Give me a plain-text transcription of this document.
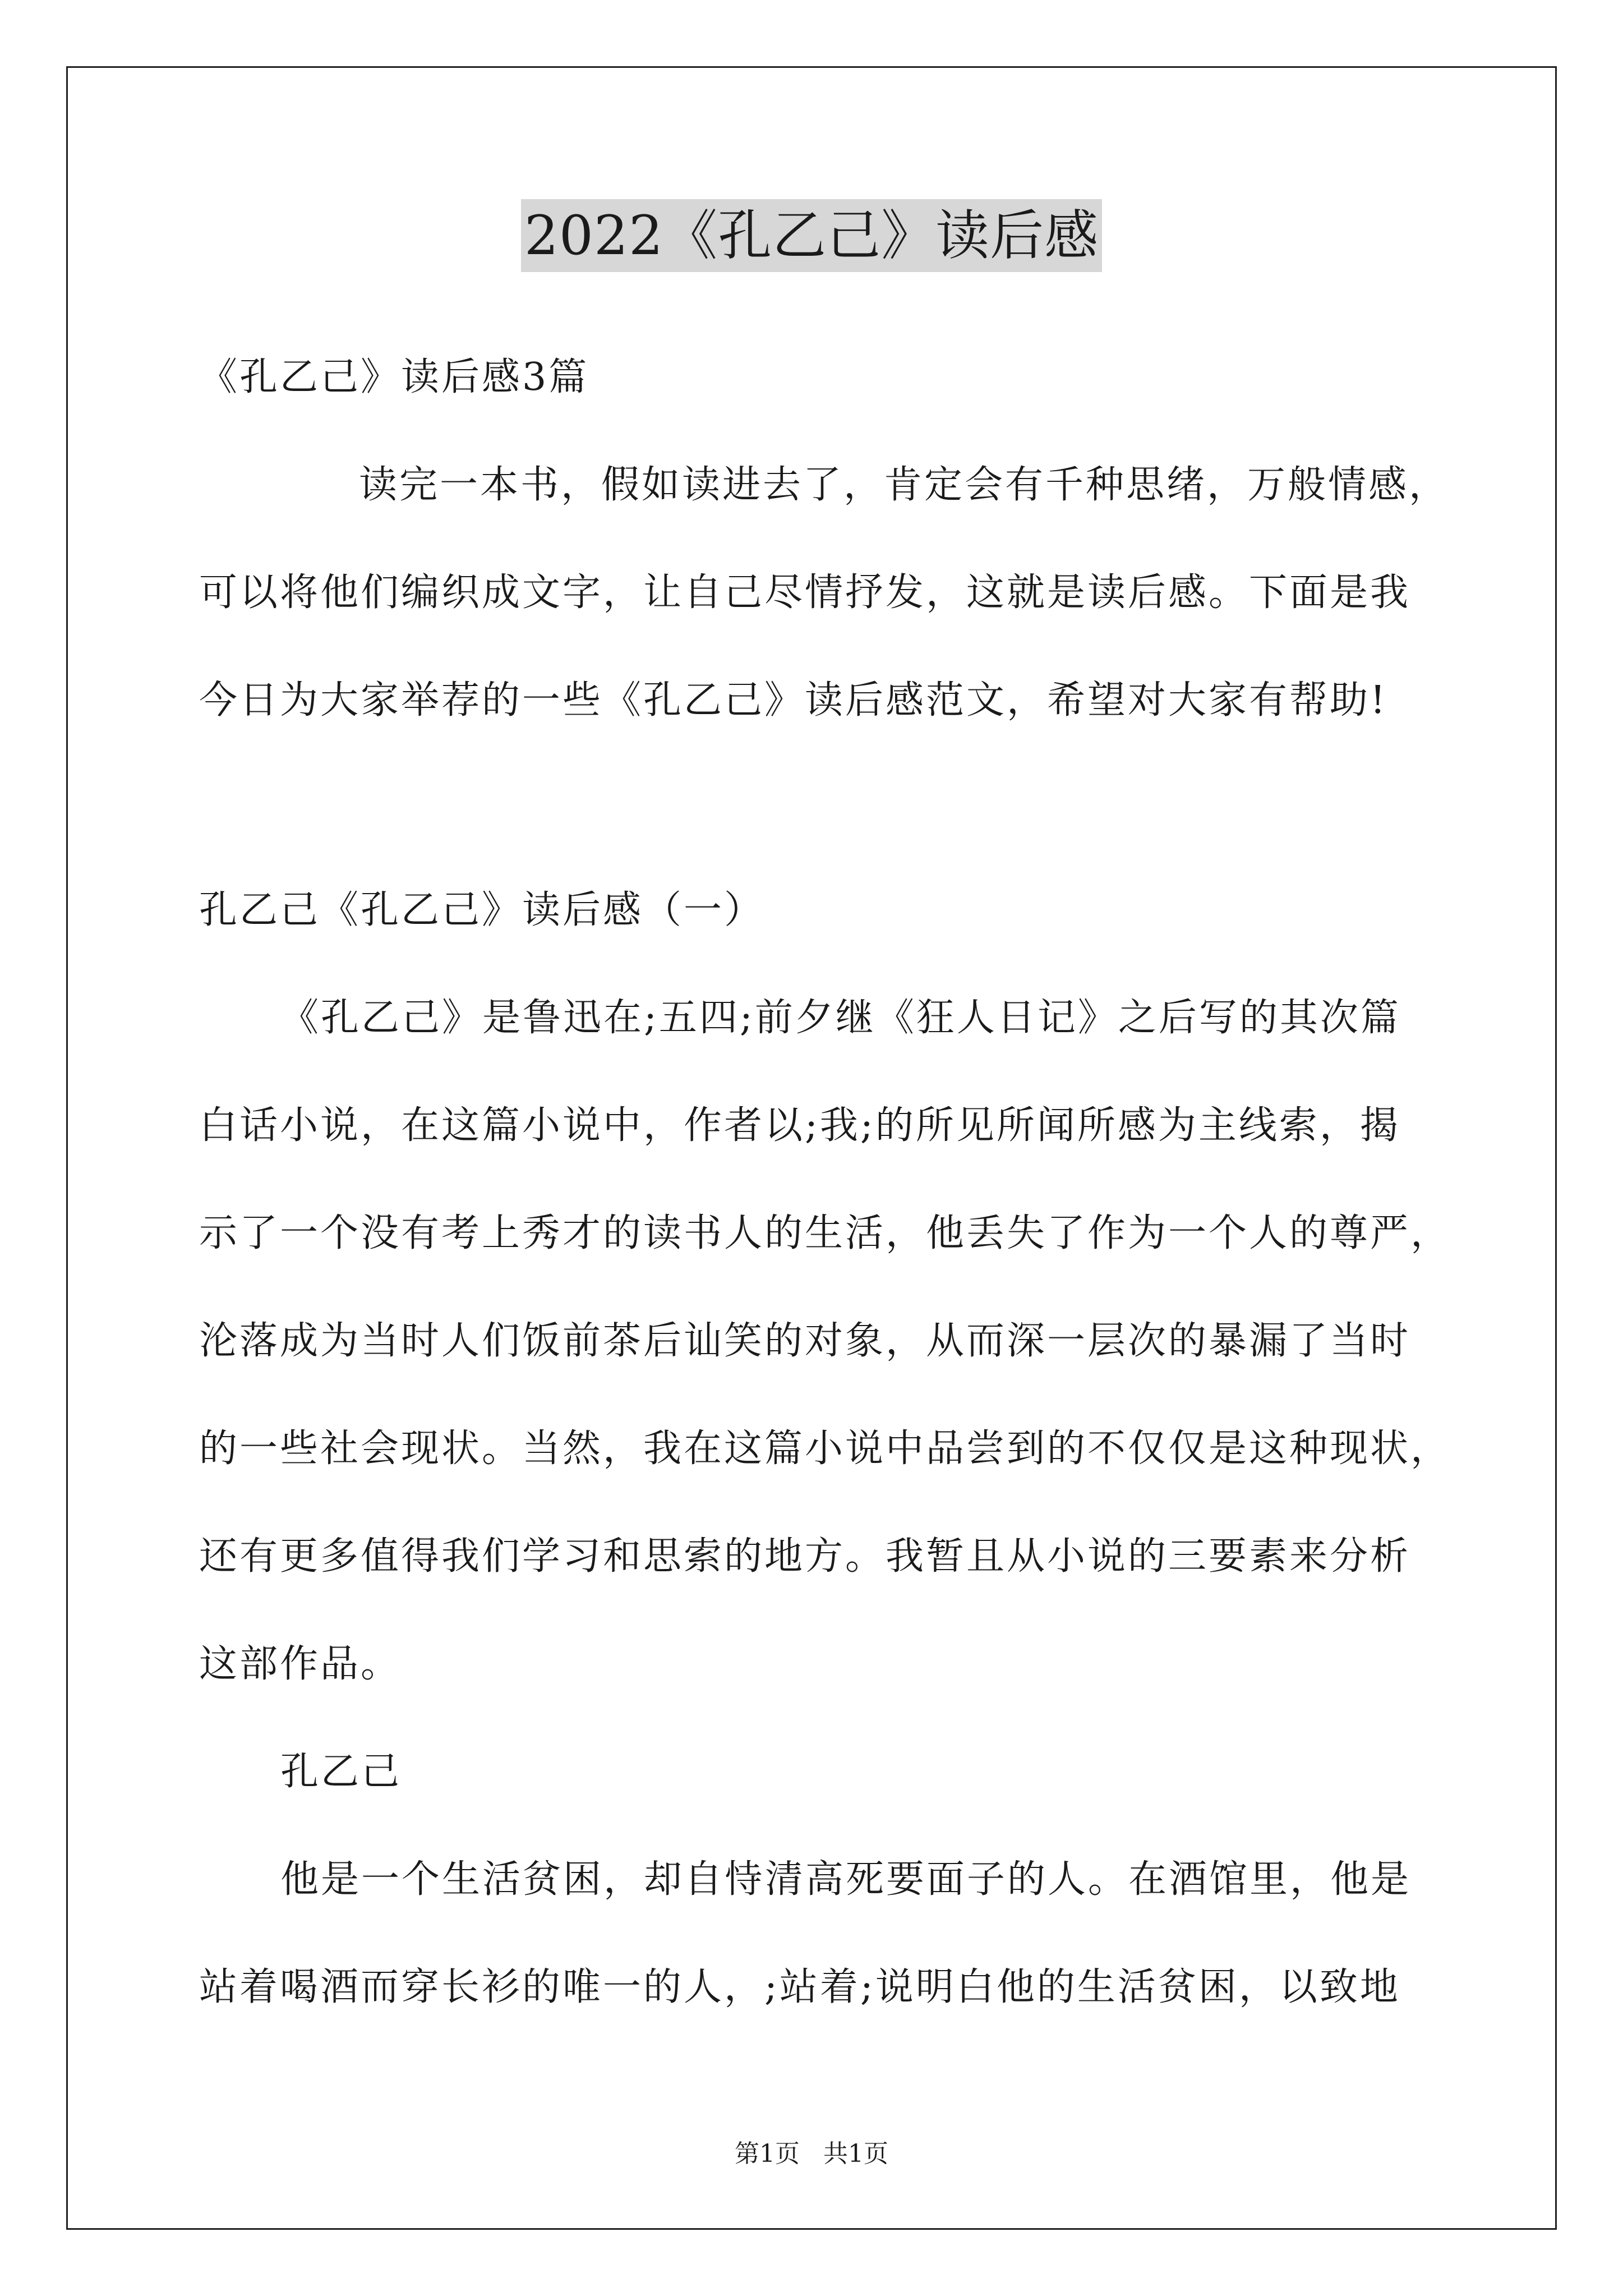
2022《孔乙己》读后感
《孔乙己》读后感3篇
读完一本书，假如读进去了，肯定会有千种思绪，万般情感，
可以将他们编织成文字，让自己尽情抒发，这就是读后感。下面是我
今日为大家举荐的一些《孔乙己》读后感范文，希望对大家有帮助!
孔乙己《孔乙己》读后感（一）
《孔乙己》是鲁迅在;五四;前夕继《狂人日记》之后写的其次篇
白话小说，在这篇小说中，作者以;我;的所见所闻所感为主线索，揭
示了一个没有考上秀才的读书人的生活，他丢失了作为一个人的尊严，
沦落成为当时人们饭前茶后讪笑的对象，从而深一层次的暴漏了当时
的一些社会现状。当然，我在这篇小说中品尝到的不仅仅是这种现状，
还有更多值得我们学习和思索的地方。我暂且从小说的三要素来分析
这部作品。
孔乙己
他是一个生活贫困，却自恃清高死要面子的人。在酒馆里，他是
站着喝酒而穿长衫的唯一的人，;站着;说明白他的生活贫困，以致地
第1页 共1页
